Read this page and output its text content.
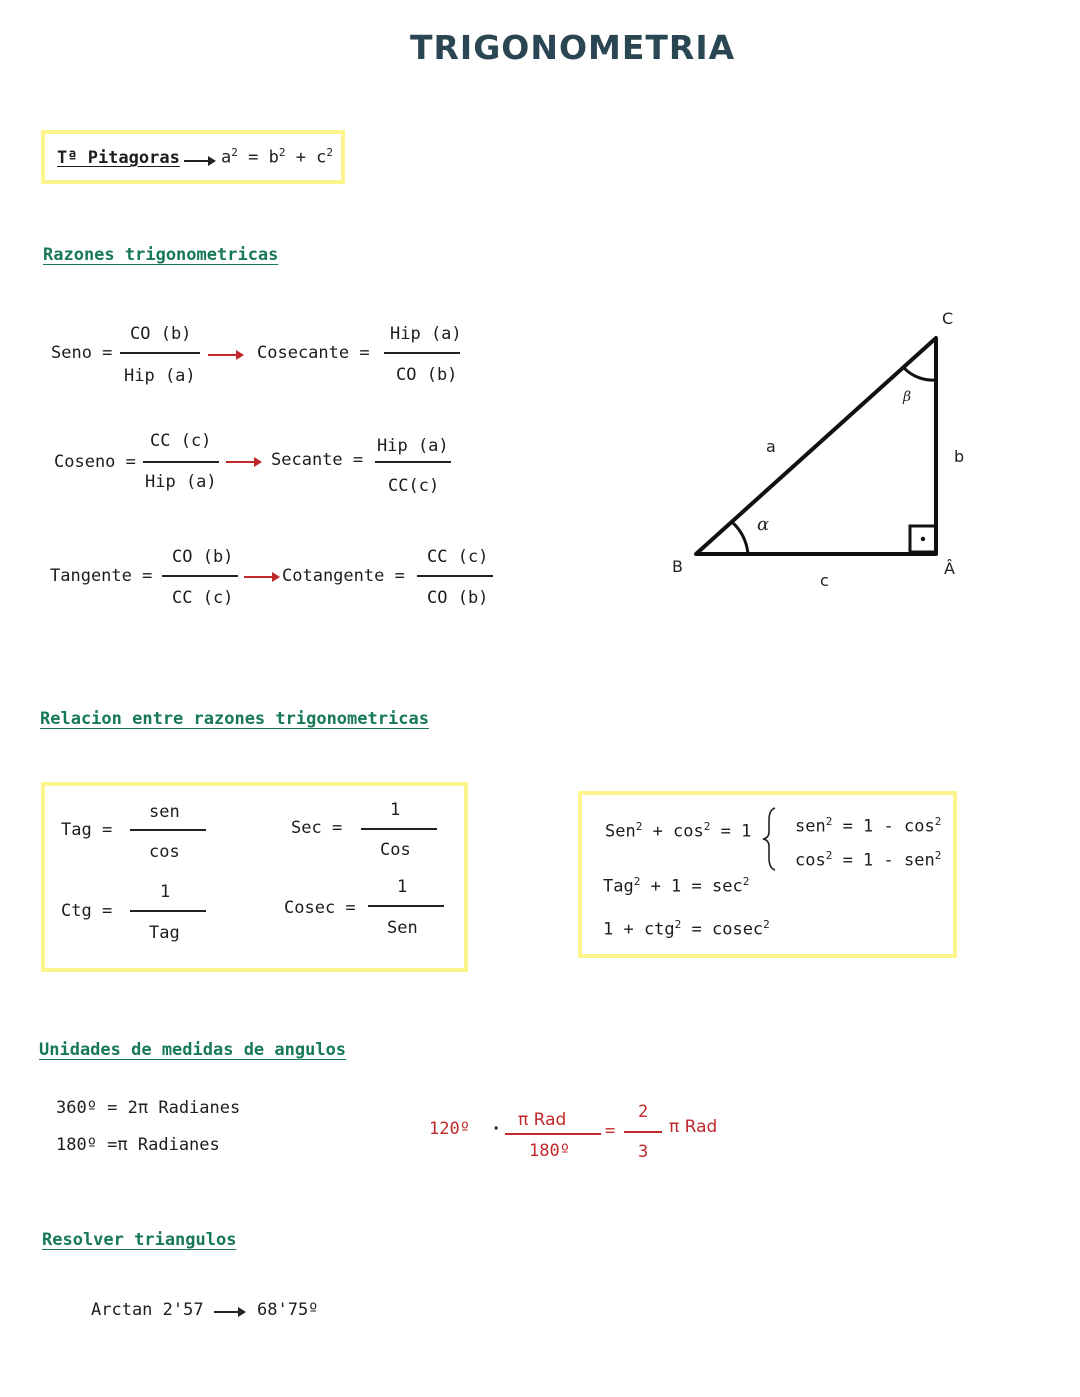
TRIGONOMETRIA
Tª Pitagoras $a^2 = b^2 + c^2$
Razones trigonometricas
Seno =
CO (b)
Hip (a)
Cosecante =
Hip (a)
CO (b)
Coseno =
CC (c)
Hip (a)
Secante =
Hip (a)
CC(c)
Tangente =
CO (b)
CC (c)
Cotangente =
CC (c)
CO (b)
C
B	Â
a
b
c
α
β
Relacion entre razones trigonometricas
Tag =
sen
cos
Ctg =
1
Tag
Sec =
1
Cos
Cosec =
1
Sen
$Sen^2 + \cos^2 = 1$	$sen^2 = 1 - \cos^2$
$\cos^2 = 1 - sen^2$
$Tag^2 + 1 = \sec^2$
1 + ctg$^2$ = cosec$^2$
Unidades de medidas de angulos
360º = 2π Radianes
180º =π Radianes
120º · π Rad
180º
=
2
3
π Rad
Resolver triangulos
Arctan 2'57	68'75º
